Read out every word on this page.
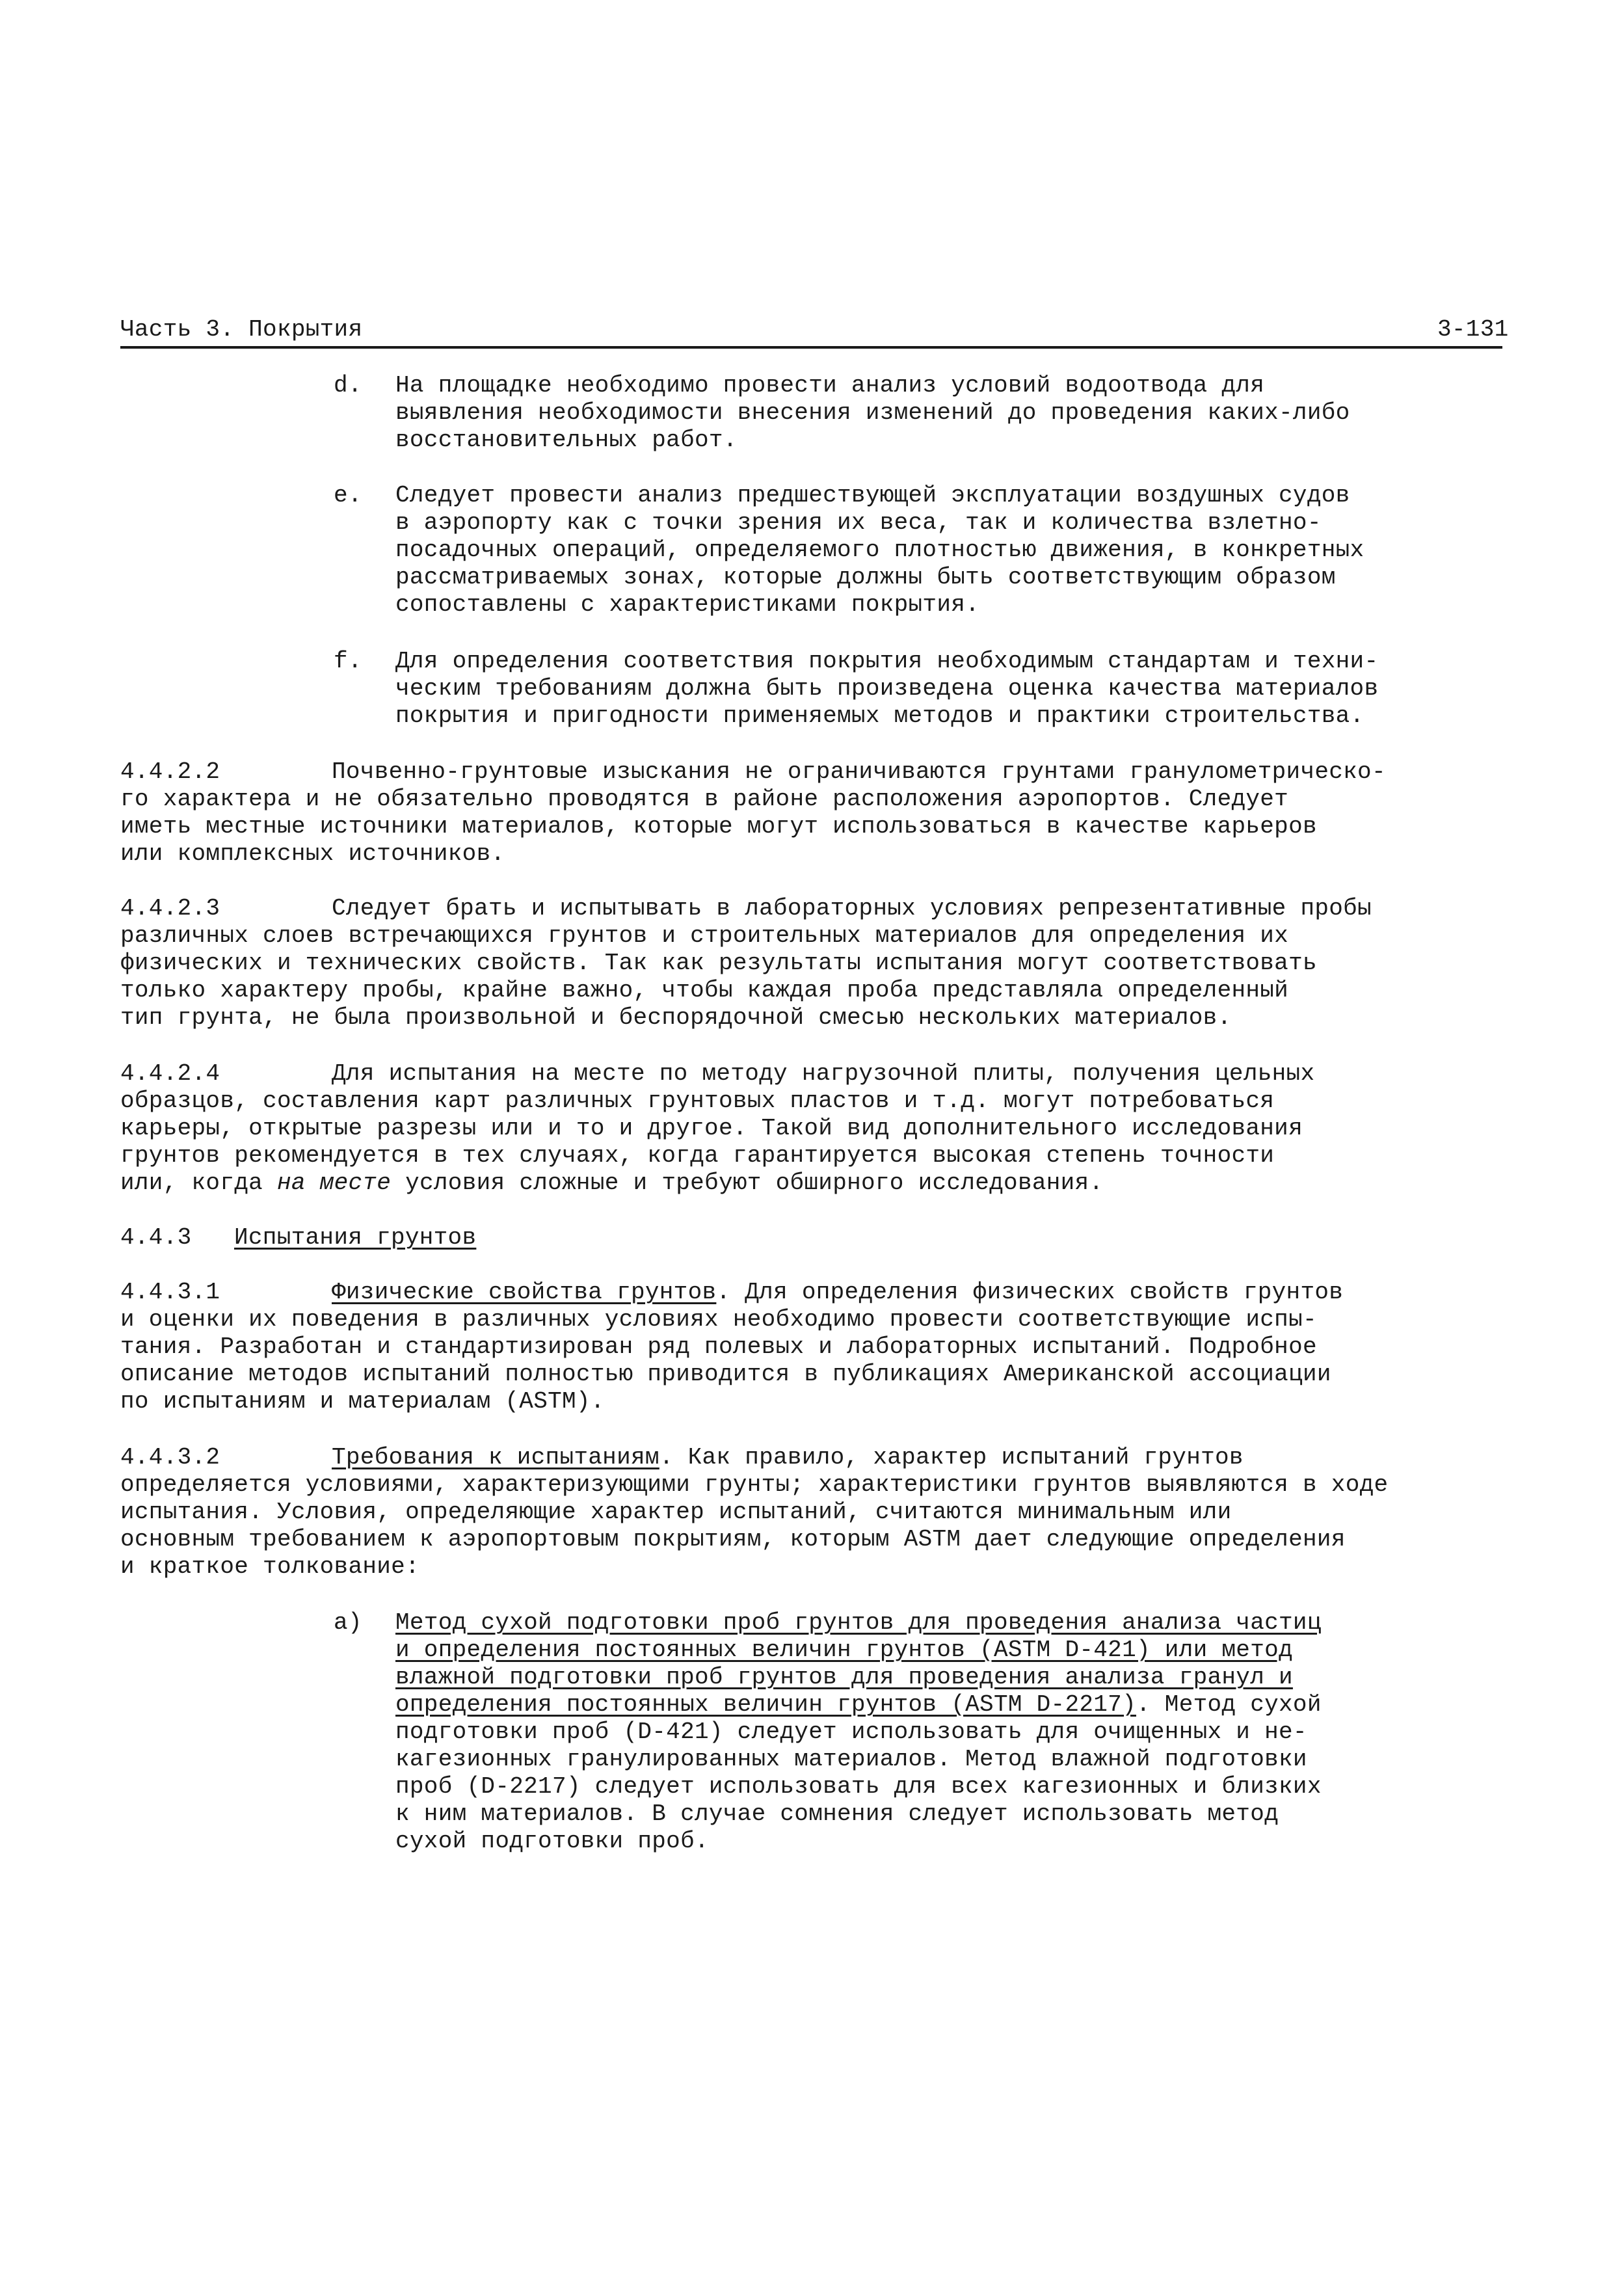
Часть 3. Покрытия	3-131
d. На площадке необходимо провести анализ условий водоотвода для
выявления необходимости внесения изменений до проведения каких-либо
восстановительных работ.
e. Следует провести анализ предшествующей эксплуатации воздушных судов
в аэропорту как с точки зрения их веса, так и количества взлетно-
посадочных операций, определяемого плотностью движения, в конкретных
рассматриваемых зонах, которые должны быть соответствующим образом
сопоставлены с характеристиками покрытия.
f. Для определения соответствия покрытия необходимым стандартам и техни-
ческим требованиям должна быть произведена оценка качества материалов
покрытия и пригодности применяемых методов и практики строительства.
4.4.2.2	Почвенно-грунтовые изыскания не ограничиваются грунтами гранулометрическо-
го характера и не обязательно проводятся в районе расположения аэропортов. Следует
иметь местные источники материалов, которые могут использоваться в качестве карьеров
или комплексных источников.
4.4.2.3	Следует брать и испытывать в лабораторных условиях репрезентативные пробы
различных слоев встречающихся грунтов и строительных материалов для определения их
физических и технических свойств. Так как результаты испытания могут соответствовать
только характеру пробы, крайне важно, чтобы каждая проба представляла определенный
тип грунта, не была произвольной и беспорядочной смесью нескольких материалов.
4.4.2.4	Для испытания на месте по методу нагрузочной плиты, получения цельных
образцов, составления карт различных грунтовых пластов и т.д. могут потребоваться
карьеры, открытые разрезы или и то и другое. Такой вид дополнительного исследования
грунтов рекомендуется в тех случаях, когда гарантируется высокая степень точности
или, когда на месте условия сложные и требуют обширного исследования.
4.4.3 Испытания грунтов
4.4.3.1	Физические свойства грунтов. Для определения физических свойств грунтов
и оценки их поведения в различных условиях необходимо провести соответствующие испы-
тания. Разработан и стандартизирован ряд полевых и лабораторных испытаний. Подробное
описание методов испытаний полностью приводится в публикациях Американской ассоциации
по испытаниям и материалам (ASTM).
4.4.3.2	Требования к испытаниям. Как правило, характер испытаний грунтов
определяется условиями, характеризующими грунты; характеристики грунтов выявляются в ходе
испытания. Условия, определяющие характер испытаний, считаются минимальным или
основным требованием к аэропортовым покрытиям, которым ASTM дает следующие определения
и краткое толкование:
a) Метод сухой подготовки проб грунтов для проведения анализа частиц
и определения постоянных величин грунтов (ASTM D-421) или метод
влажной подготовки проб грунтов для проведения анализа гранул и
определения постоянных величин грунтов (ASTM D-2217). Метод сухой
подготовки проб (D-421) следует использовать для очищенных и не-
кагезионных гранулированных материалов. Метод влажной подготовки
проб (D-2217) следует использовать для всех кагезионных и близких
к ним материалов. В случае сомнения следует использовать метод
сухой подготовки проб.
